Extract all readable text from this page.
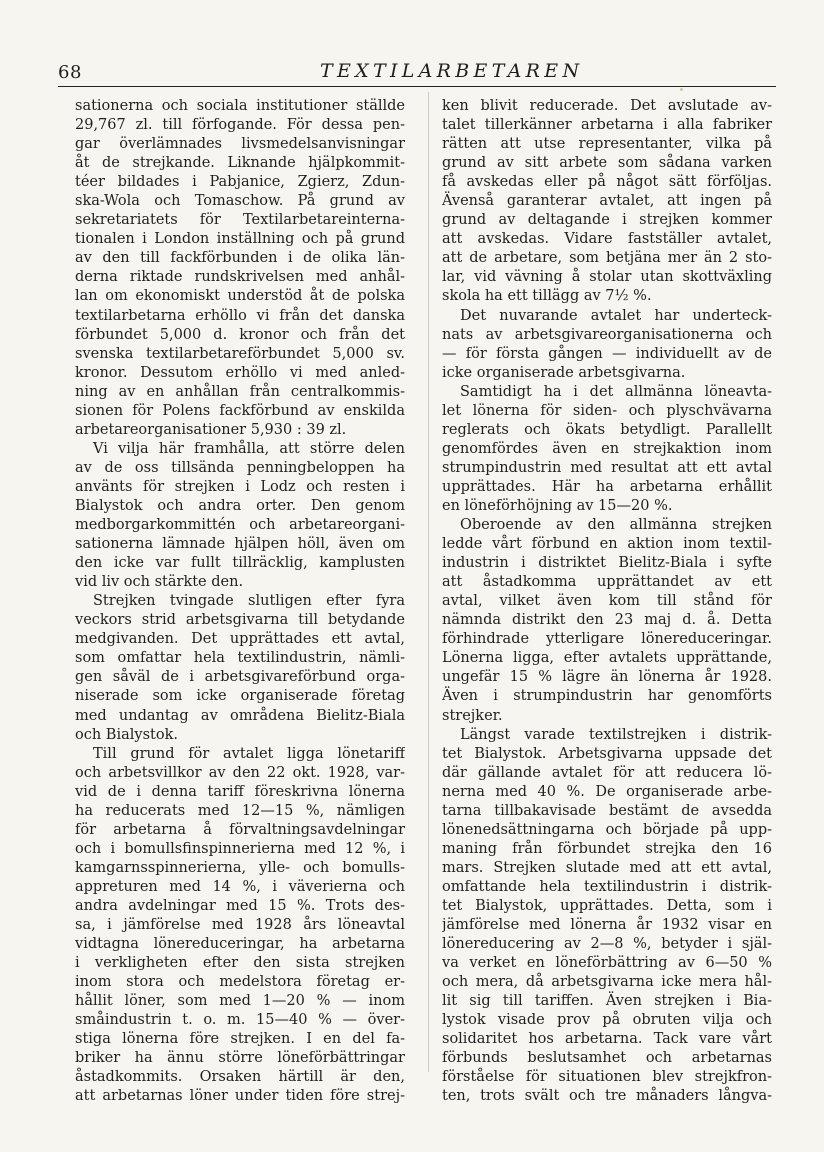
68	TEXTILARBETAREN
sationerna och sociala institutioner ställde
29,767 zl. till förfogande. För dessa pen-
gar överlämnades livsmedelsanvisningar
åt de strejkande. Liknande hjälpkommit-
téer bildades i Pabjanice, Zgierz, Zdun-
ska-Wola och Tomaschow. På grund av
sekretariatets för Textilarbetareinterna-
tionalen i London inställning och på grund
av den till fackförbunden i de olika län-
derna riktade rundskrivelsen med anhål-
lan om ekonomiskt understöd åt de polska
textilarbetarna erhöllo vi från det danska
förbundet 5,000 d. kronor och från det
svenska textilarbetareförbundet 5,000 sv.
kronor. Dessutom erhöllo vi med anled-
ning av en anhållan från centralkommis-
sionen för Polens fackförbund av enskilda
arbetareorganisationer 5,930 : 39 zl.
Vi vilja här framhålla, att större delen
av de oss tillsända penningbeloppen ha
använts för strejken i Lodz och resten i
Bialystok och andra orter. Den genom
medborgarkommittén och arbetareorgani-
sationerna lämnade hjälpen höll, även om
den icke var fullt tillräcklig, kamplusten
vid liv och stärkte den.
Strejken tvingade slutligen efter fyra
veckors strid arbetsgivarna till betydande
medgivanden. Det upprättades ett avtal,
som omfattar hela textilindustrin, nämli-
gen såväl de i arbetsgivareförbund orga-
niserade som icke organiserade företag
med undantag av områdena Bielitz-Biala
och Bialystok.
Till grund för avtalet ligga lönetariff
och arbetsvillkor av den 22 okt. 1928, var-
vid de i denna tariff föreskrivna lönerna
ha reducerats med 12—15 %, nämligen
för arbetarna å förvaltningsavdelningar
och i bomullsfinspinnerierna med 12 %, i
kamgarnsspinnerierna, ylle- och bomulls-
appreturen med 14 %, i väverierna och
andra avdelningar med 15 %. Trots des-
sa, i jämförelse med 1928 års löneavtal
vidtagna lönereduceringar, ha arbetarna
i verkligheten efter den sista strejken
inom stora och medelstora företag er-
hållit löner, som med 1—20 % — inom
småindustrin t. o. m. 15—40 % — över-
stiga lönerna före strejken. I en del fa-
briker ha ännu större löneförbättringar
åstadkommits. Orsaken härtill är den,
att arbetarnas löner under tiden före strej-
ken blivit reducerade. Det avslutade av-
talet tillerkänner arbetarna i alla fabriker
rätten att utse representanter, vilka på
grund av sitt arbete som sådana varken
få avskedas eller på något sätt förföljas.
Ävenså garanterar avtalet, att ingen på
grund av deltagande i strejken kommer
att avskedas. Vidare fastställer avtalet,
att de arbetare, som betjäna mer än 2 sto-
lar, vid vävning å stolar utan skottväxling
skola ha ett tillägg av 7½ %.
Det nuvarande avtalet har underteck-
nats av arbetsgivareorganisationerna och
— för första gången — individuellt av de
icke organiserade arbetsgivarna.
Samtidigt ha i det allmänna löneavta-
let lönerna för siden- och plyschvävarna
reglerats och ökats betydligt. Parallellt
genomfördes även en strejkaktion inom
strumpindustrin med resultat att ett avtal
upprättades. Här ha arbetarna erhållit
en löneförhöjning av 15—20 %.
Oberoende av den allmänna strejken
ledde vårt förbund en aktion inom textil-
industrin i distriktet Bielitz-Biala i syfte
att åstadkomma upprättandet av ett
avtal, vilket även kom till stånd för
nämnda distrikt den 23 maj d. å. Detta
förhindrade ytterligare lönereduceringar.
Lönerna ligga, efter avtalets upprättande,
ungefär 15 % lägre än lönerna år 1928.
Även i strumpindustrin har genomförts
strejker.
Längst varade textilstrejken i distrik-
tet Bialystok. Arbetsgivarna uppsade det
där gällande avtalet för att reducera lö-
nerna med 40 %. De organiserade arbe-
tarna tillbakavisade bestämt de avsedda
lönenedsättningarna och började på upp-
maning från förbundet strejka den 16
mars. Strejken slutade med att ett avtal,
omfattande hela textilindustrin i distrik-
tet Bialystok, upprättades. Detta, som i
jämförelse med lönerna år 1932 visar en
lönereducering av 2—8 %, betyder i själ-
va verket en löneförbättring av 6—50 %
och mera, då arbetsgivarna icke mera hål-
lit sig till tariffen. Även strejken i Bia-
lystok visade prov på obruten vilja och
solidaritet hos arbetarna. Tack vare vårt
förbunds beslutsamhet och arbetarnas
förståelse för situationen blev strejkfron-
ten, trots svält och tre månaders långva-
